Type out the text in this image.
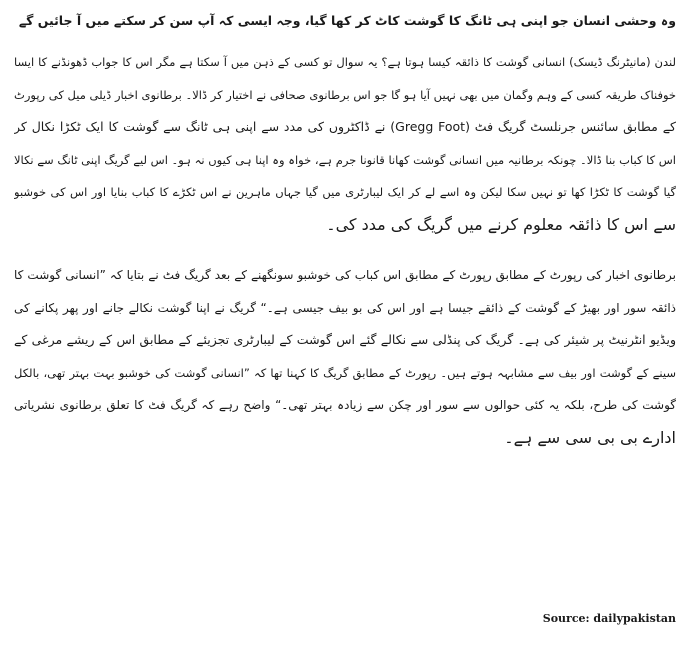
وہ وحشی انسان جو اپنی ہی ٹانگ کا گوشت کاٹ کر کھا گیا، وجہ ایسی کہ آپ سن کر سکتے میں آ جائیں گے
لندن (مانیٹرنگ ڈیسک) انسانی گوشت کا ذائقہ کیسا ہوتا ہے؟ یہ سوال تو کسی کے ذہن میں آ سکتا ہے مگر اس کا جواب ڈھونڈنے کا ایسا
خوفناک طریقہ کسی کے وہم وگمان میں بھی نہیں آیا ہو گا جو اس برطانوی صحافی نے اختیار کر ڈالا۔ برطانوی اخبار ڈیلی میل کی رپورٹ
کے مطابق سائنس جرنلسٹ گریگ فٹ (Gregg Foot) نے ڈاکٹروں کی مدد سے اپنی ہی ٹانگ سے گوشت کا ایک ٹکڑا نکال کر
اس کا کباب بنا ڈالا۔ چونکہ برطانیہ میں انسانی گوشت کھانا قانونا جرم ہے، خواہ وہ اپنا ہی کیوں نہ ہو۔ اس لیے گریگ اپنی ٹانگ سے نکالا
گیا گوشت کا ٹکڑا کھا تو نہیں سکا لیکن وہ اسے لے کر ایک لیبارٹری میں گیا جہاں ماہرین نے اس ٹکڑے کا کباب بنایا اور اس کی خوشبو
سے اس کا ذائقہ معلوم کرنے میں گریگ کی مدد کی۔
برطانوی اخبار کی رپورٹ کے مطابق رپورٹ کے مطابق اس کباب کی خوشبو سونگھنے کے بعد گریگ فٹ نے بتایا کہ ”انسانی گوشت کا
ذائقہ سور اور بھیڑ کے گوشت کے ذائقے جیسا ہے اور اس کی بو بیف جیسی ہے۔“ گریگ نے اپنا گوشت نکالے جانے اور پھر پکانے کی
ویڈیو انٹرنیٹ پر شیئر کی ہے۔ گریگ کی پنڈلی سے نکالے گئے اس گوشت کے لیبارٹری تجزیئے کے مطابق اس کے ریشے مرغی کے
سینے کے گوشت اور بیف سے مشابہہ ہوتے ہیں۔ رپورٹ کے مطابق گریگ کا کہنا تھا کہ ”انسانی گوشت کی خوشبو بہت بہتر تھی، بالکل
گوشت کی طرح، بلکہ یہ کئی حوالوں سے سور اور چکن سے زیادہ بہتر تھی۔“ واضح رہے کہ گریگ فٹ کا تعلق برطانوی نشریاتی
ادارے بی بی سی سے ہے۔
Source: dailypakistan
